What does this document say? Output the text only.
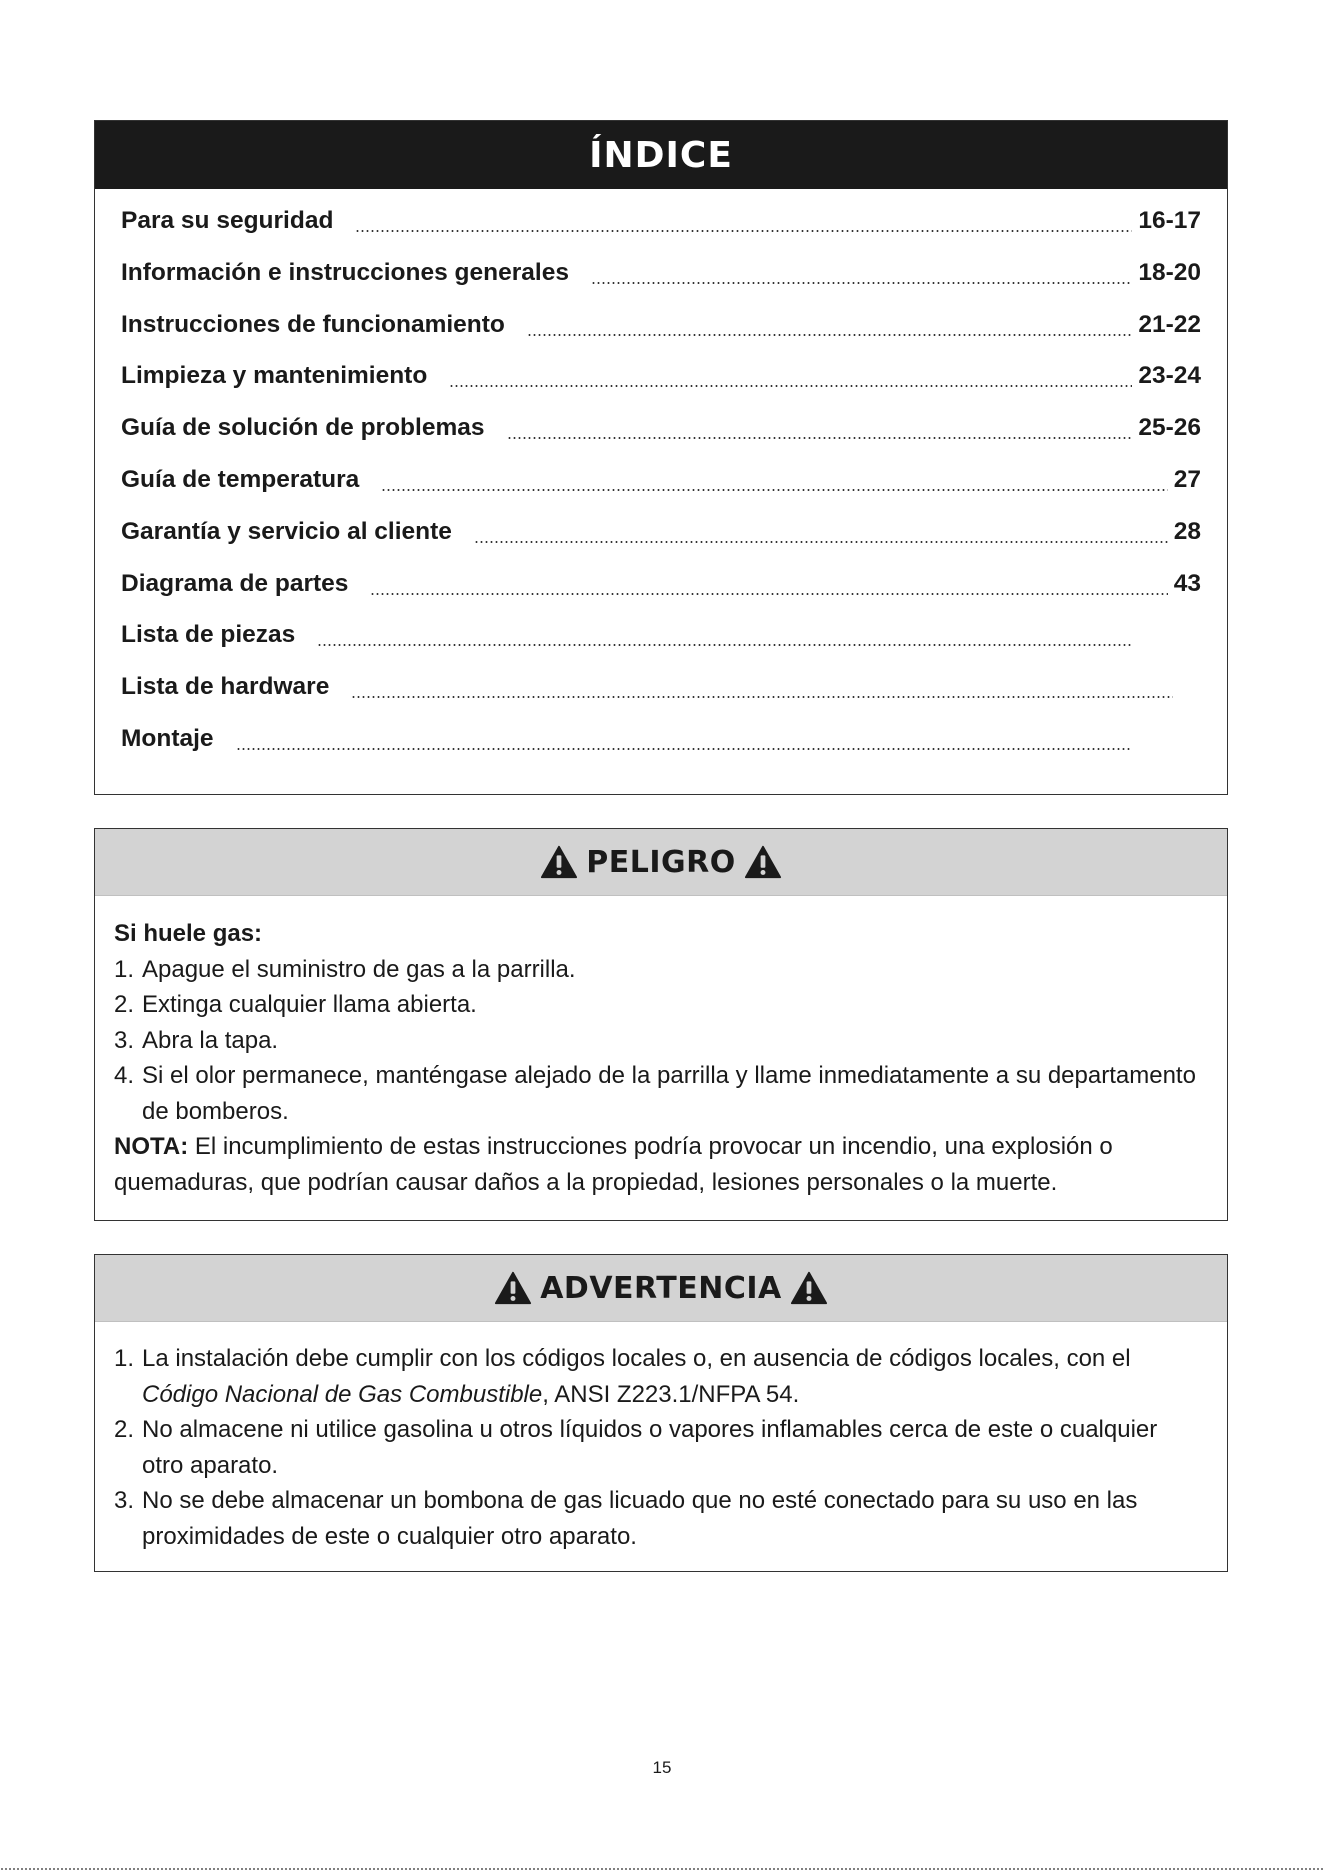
ÍNDICE
Para su seguridad	16-17
Información e instrucciones generales	18-20
Instrucciones de funcionamiento	21-22
Limpieza y mantenimiento	23-24
Guía de solución de problemas	25-26
Guía de temperatura	27
Garantía y servicio al cliente	28
Diagrama de partes	43
Lista de piezas
Lista de hardware
Montaje
PELIGRO
Si huele gas:
1. Apague el suministro de gas a la parrilla.
2. Extinga cualquier llama abierta.
3. Abra la tapa.
4. Si el olor permanece, manténgase alejado de la parrilla y llame inmediatamente a su departamento de bomberos.
NOTA: El incumplimiento de estas instrucciones podría provocar un incendio, una explosión o quemaduras, que podrían causar daños a la propiedad, lesiones personales o la muerte.
ADVERTENCIA
1. La instalación debe cumplir con los códigos locales o, en ausencia de códigos locales, con el Código Nacional de Gas Combustible, ANSI Z223.1/NFPA 54.
2. No almacene ni utilice gasolina u otros líquidos o vapores inflamables cerca de este o cualquier otro aparato.
3. No se debe almacenar un bombona de gas licuado que no esté conectado para su uso en las proximidades de este o cualquier otro aparato.
15
